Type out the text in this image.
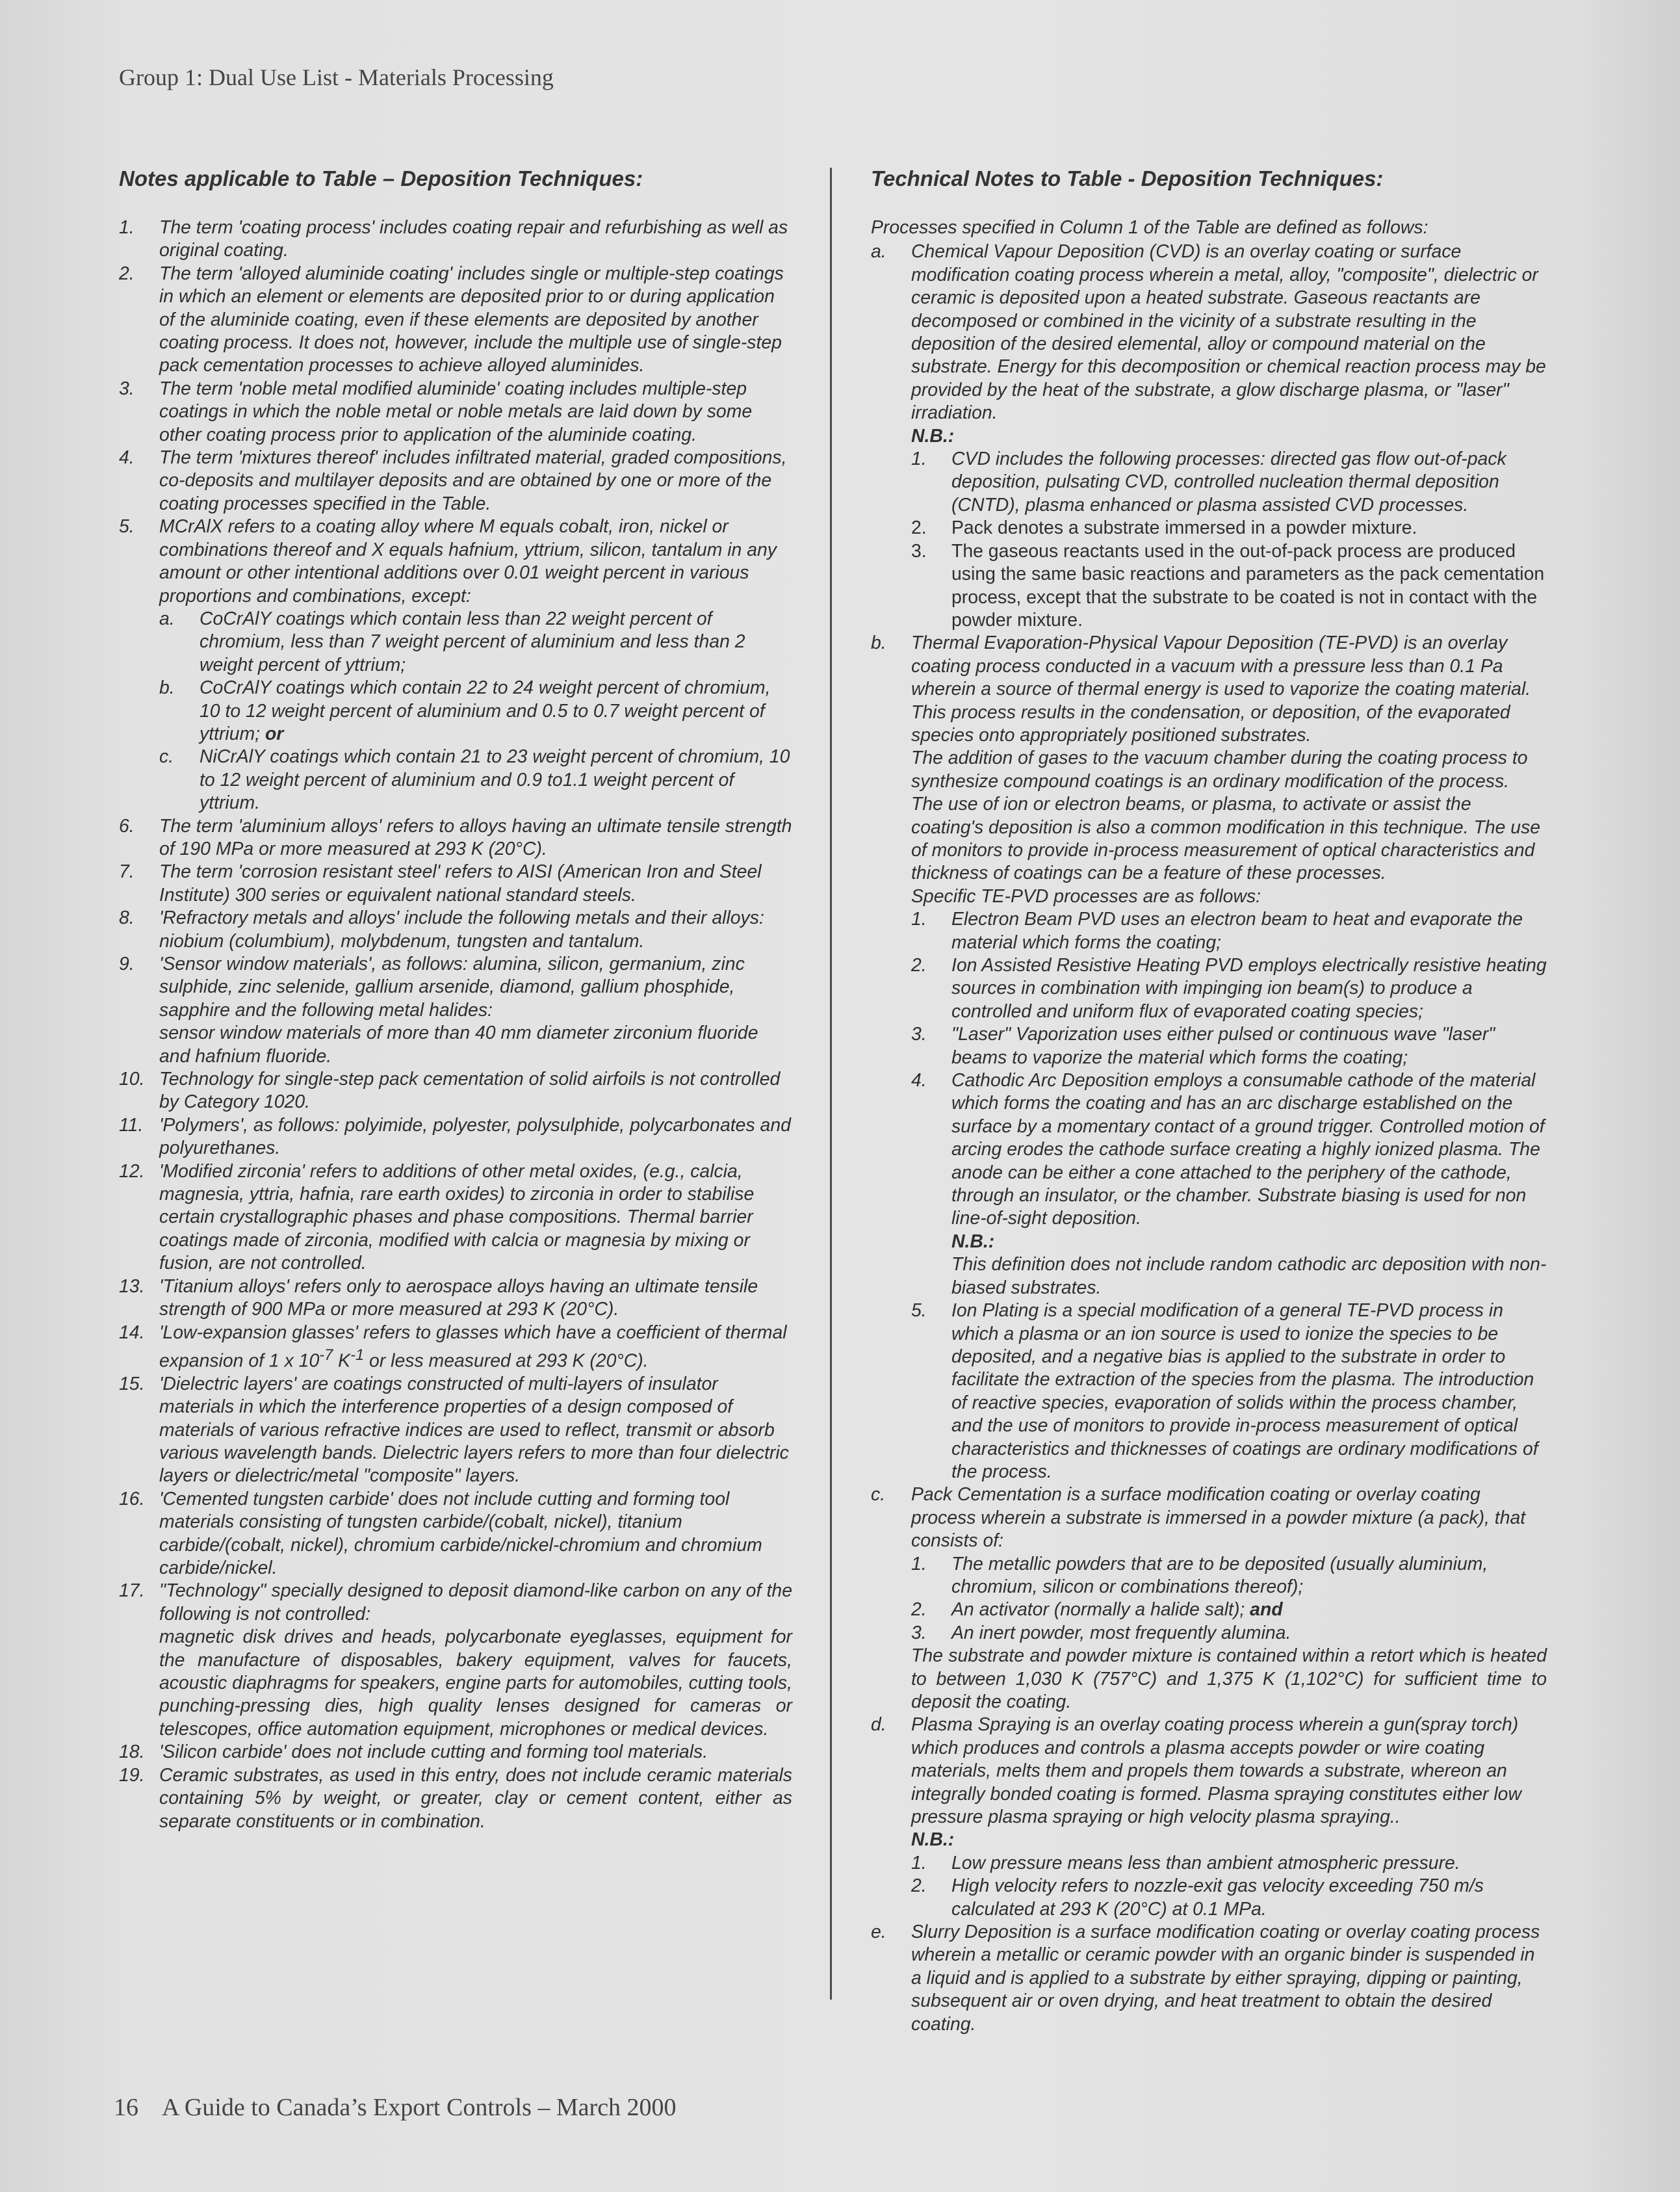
Group 1: Dual Use List - Materials Processing
Notes applicable to Table – Deposition Techniques:
1.	The term 'coating process' includes coating repair and refurbishing as well as original coating.
2.	The term 'alloyed aluminide coating' includes single or multiple-step coatings in which an element or elements are deposited prior to or during application of the aluminide coating, even if these elements are deposited by another coating process. It does not, however, include the multiple use of single-step pack cementation processes to achieve alloyed aluminides.
3.	The term 'noble metal modified aluminide' coating includes multiple-step coatings in which the noble metal or noble metals are laid down by some other coating process prior to application of the aluminide coating.
4.	The term 'mixtures thereof' includes infiltrated material, graded compositions, co-deposits and multilayer deposits and are obtained by one or more of the coating processes specified in the Table.
5.	MCrAlX refers to a coating alloy where M equals cobalt, iron, nickel or combinations thereof and X equals hafnium, yttrium, silicon, tantalum in any amount or other intentional additions over 0.01 weight percent in various proportions and combinations, except:
a.	CoCrAlY coatings which contain less than 22 weight percent of chromium, less than 7 weight percent of aluminium and less than 2 weight percent of yttrium;
b.	CoCrAlY coatings which contain 22 to 24 weight percent of chromium, 10 to 12 weight percent of aluminium and 0.5 to 0.7 weight percent of yttrium; or
c.	NiCrAlY coatings which contain 21 to 23 weight percent of chromium, 10 to 12 weight percent of aluminium and 0.9 to1.1 weight percent of yttrium.
6.	The term 'aluminium alloys' refers to alloys having an ultimate tensile strength of 190 MPa or more measured at 293 K (20°C).
7.	The term 'corrosion resistant steel' refers to AISI (American Iron and Steel Institute) 300 series or equivalent national standard steels.
8.	'Refractory metals and alloys' include the following metals and their alloys: niobium (columbium), molybdenum, tungsten and tantalum.
9.	'Sensor window materials', as follows: alumina, silicon, germanium, zinc sulphide, zinc selenide, gallium arsenide, diamond, gallium phosphide, sapphire and the following metal halides:
sensor window materials of more than 40 mm diameter zirconium fluoride and hafnium fluoride.
10. Technology for single-step pack cementation of solid airfoils is not controlled by Category 1020.
11. 'Polymers', as follows: polyimide, polyester, polysulphide, polycarbonates and polyurethanes.
12. 'Modified zirconia' refers to additions of other metal oxides, (e.g., calcia, magnesia, yttria, hafnia, rare earth oxides) to zirconia in order to stabilise certain crystallographic phases and phase compositions. Thermal barrier coatings made of zirconia, modified with calcia or magnesia by mixing or fusion, are not controlled.
13. 'Titanium alloys' refers only to aerospace alloys having an ultimate tensile strength of 900 MPa or more measured at 293 K (20°C).
14. 'Low-expansion glasses' refers to glasses which have a coefficient of thermal expansion of 1 x $10^{-7}$ $K^{-1}$ or less measured at 293 K (20°C).
15. 'Dielectric layers' are coatings constructed of multi-layers of insulator materials in which the interference properties of a design composed of materials of various refractive indices are used to reflect, transmit or absorb various wavelength bands. Dielectric layers refers to more than four dielectric layers or dielectric/metal "composite" layers.
16. 'Cemented tungsten carbide' does not include cutting and forming tool materials consisting of tungsten carbide/(cobalt, nickel), titanium carbide/(cobalt, nickel), chromium carbide/nickel-chromium and chromium carbide/nickel.
17. "Technology" specially designed to deposit diamond-like carbon on any of the following is not controlled:
magnetic disk drives and heads, polycarbonate eyeglasses, equipment for the manufacture of disposables, bakery equipment, valves for faucets, acoustic diaphragms for speakers, engine parts for automobiles, cutting tools, punching-pressing dies, high quality lenses designed for cameras or telescopes, office automation equipment, microphones or medical devices.
18. 'Silicon carbide' does not include cutting and forming tool materials.
19. Ceramic substrates, as used in this entry, does not include ceramic materials containing 5% by weight, or greater, clay or cement content, either as separate constituents or in combination.
Technical Notes to Table - Deposition Techniques:
Processes specified in Column 1 of the Table are defined as follows:
a.	Chemical Vapour Deposition (CVD) is an overlay coating or surface modification coating process wherein a metal, alloy, "composite", dielectric or ceramic is deposited upon a heated substrate. Gaseous reactants are decomposed or combined in the vicinity of a substrate resulting in the deposition of the desired elemental, alloy or compound material on the substrate. Energy for this decomposition or chemical reaction process may be provided by the heat of the substrate, a glow discharge plasma, or "laser" irradiation.
N.B.:
1.	CVD includes the following processes: directed gas flow out-of-pack deposition, pulsating CVD, controlled nucleation thermal deposition (CNTD), plasma enhanced or plasma assisted CVD processes.
2.	Pack denotes a substrate immersed in a powder mixture.
3.	The gaseous reactants used in the out-of-pack process are produced using the same basic reactions and parameters as the pack cementation process, except that the substrate to be coated is not in contact with the powder mixture.
b.	Thermal Evaporation-Physical Vapour Deposition (TE-PVD) is an overlay coating process conducted in a vacuum with a pressure less than 0.1 Pa wherein a source of thermal energy is used to vaporize the coating material. This process results in the condensation, or deposition, of the evaporated species onto appropriately positioned substrates.
The addition of gases to the vacuum chamber during the coating process to synthesize compound coatings is an ordinary modification of the process.
The use of ion or electron beams, or plasma, to activate or assist the coating's deposition is also a common modification in this technique. The use of monitors to provide in-process measurement of optical characteristics and thickness of coatings can be a feature of these processes.
Specific TE-PVD processes are as follows:
1.	Electron Beam PVD uses an electron beam to heat and evaporate the material which forms the coating;
2.	Ion Assisted Resistive Heating PVD employs electrically resistive heating sources in combination with impinging ion beam(s) to produce a controlled and uniform flux of evaporated coating species;
3.	"Laser" Vaporization uses either pulsed or continuous wave "laser" beams to vaporize the material which forms the coating;
4.	Cathodic Arc Deposition employs a consumable cathode of the material which forms the coating and has an arc discharge established on the surface by a momentary contact of a ground trigger. Controlled motion of arcing erodes the cathode surface creating a highly ionized plasma. The anode can be either a cone attached to the periphery of the cathode, through an insulator, or the chamber. Substrate biasing is used for non line-of-sight deposition.
N.B.:
This definition does not include random cathodic arc deposition with non-biased substrates.
5.	Ion Plating is a special modification of a general TE-PVD process in which a plasma or an ion source is used to ionize the species to be deposited, and a negative bias is applied to the substrate in order to facilitate the extraction of the species from the plasma. The introduction of reactive species, evaporation of solids within the process chamber, and the use of monitors to provide in-process measurement of optical characteristics and thicknesses of coatings are ordinary modifications of the process.
c.	Pack Cementation is a surface modification coating or overlay coating process wherein a substrate is immersed in a powder mixture (a pack), that consists of:
1.	The metallic powders that are to be deposited (usually aluminium, chromium, silicon or combinations thereof);
2.	An activator (normally a halide salt); and
3.	An inert powder, most frequently alumina.
The substrate and powder mixture is contained within a retort which is heated to between 1,030 K (757°C) and 1,375 K (1,102°C) for sufficient time to deposit the coating.
d.	Plasma Spraying is an overlay coating process wherein a gun(spray torch) which produces and controls a plasma accepts powder or wire coating materials, melts them and propels them towards a substrate, whereon an integrally bonded coating is formed. Plasma spraying constitutes either low pressure plasma spraying or high velocity plasma spraying..
N.B.:
1.	Low pressure means less than ambient atmospheric pressure.
2.	High velocity refers to nozzle-exit gas velocity exceeding 750 m/s calculated at 293 K (20°C) at 0.1 MPa.
e.	Slurry Deposition is a surface modification coating or overlay coating process wherein a metallic or ceramic powder with an organic binder is suspended in a liquid and is applied to a substrate by either spraying, dipping or painting, subsequent air or oven drying, and heat treatment to obtain the desired coating.
16 A Guide to Canada’s Export Controls – March 2000
